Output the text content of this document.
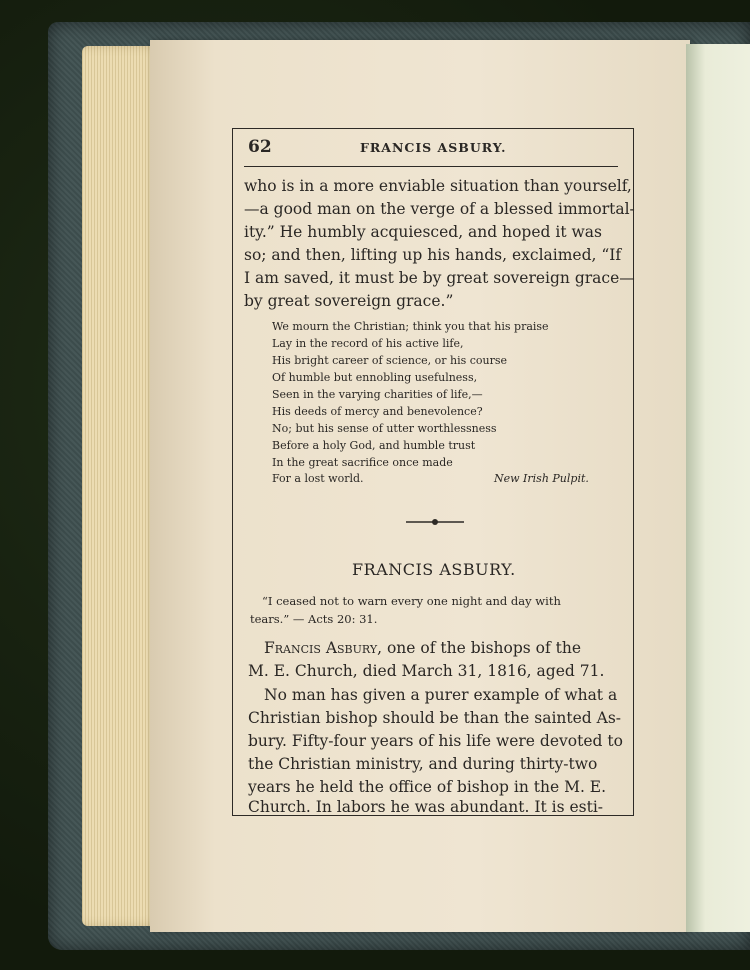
62	FRANCIS ASBURY.
who is in a more enviable situation than yourself,
—a good man on the verge of a blessed immortal-
ity.” He humbly acquiesced, and hoped it was
so; and then, lifting up his hands, exclaimed, “If
I am saved, it must be by great sovereign grace—
by great sovereign grace.”
We mourn the Christian; think you that his praise
Lay in the record of his active life,
His bright career of science, or his course
Of humble but ennobling usefulness,
Seen in the varying charities of life,—
His deeds of mercy and benevolence?
No; but his sense of utter worthlessness
Before a holy God, and humble trust
In the great sacrifice once made
For a lost world.	New Irish Pulpit.
FRANCIS ASBURY.
“I ceased not to warn every one night and day with
tears.” — Acts 20: 31.
Francis Asbury, one of the bishops of the
M. E. Church, died March 31, 1816, aged 71.
No man has given a purer example of what a
Christian bishop should be than the sainted As-
bury. Fifty-four years of his life were devoted to
the Christian ministry, and during thirty-two
years he held the office of bishop in the M. E.
Church. In labors he was abundant. It is esti-
